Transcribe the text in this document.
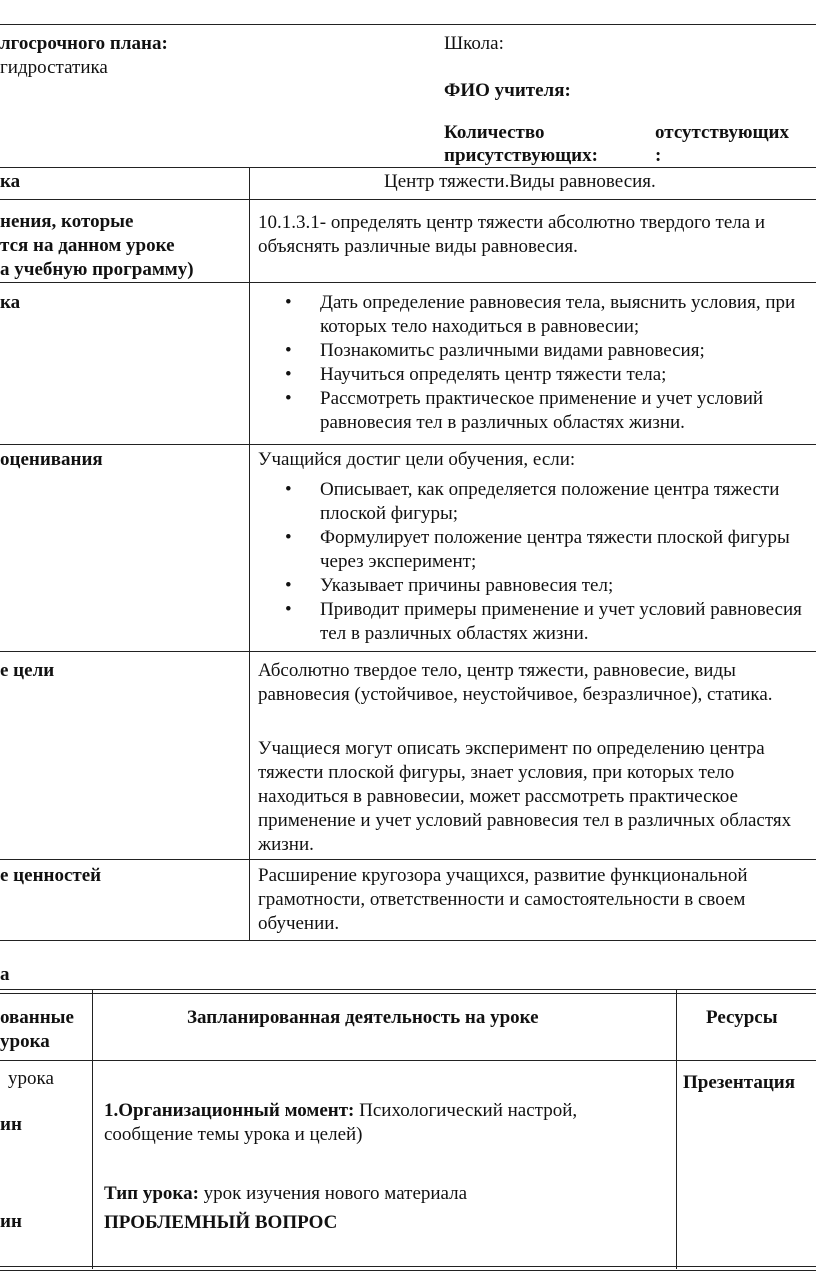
лгосрочного плана:
гидростатика
Школа:
ФИО учителя:
Количество	отсутствующих
присутствующих:	:
ка	Центр тяжести.Виды равновесия.
нения, которые
тся на данном уроке
а учебную программу)
10.1.3.1- определять центр тяжести абсолютно твердого тела и объяснять различные виды равновесия.
ка
•	Дать определение равновесия тела, выяснить условия, при которых тело находиться в равновесии;
• Познакомитьс различными видами равновесия;
• Научиться определять центр тяжести тела;
• Рассмотреть практическое применение и учет условий равновесия тел в различных областях жизни.
оценивания	Учащийся достиг цели обучения, если:
• Описывает, как определяется положение центра тяжести плоской фигуры;
• Формулирует положение центра тяжести плоской фигуры через эксперимент;
• Указывает причины равновесия тел;
• Приводит примеры применение и учет условий равновесия тел в различных областях жизни.
е цели	Абсолютно твердое тело, центр тяжести, равновесие, виды равновесия (устойчивое, неустойчивое, безразличное), статика.
Учащиеся могут описать эксперимент по определению центра тяжести плоской фигуры, знает условия, при которых тело находиться в равновесии, может рассмотреть практическое применение и учет условий равновесия тел в различных областях жизни.
е ценностей	Расширение кругозора учащихся, развитие функциональной грамотности, ответственности и самостоятельности в своем обучении.
а
ованные
урока
Запланированная деятельность на уроке	Ресурсы
урока
ин
ин
1.Организационный момент: Психологический настрой,
сообщение темы урока и целей)
Тип урока: урок изучения нового материала
ПРОБЛЕМНЫЙ ВОПРОС
Презентация
